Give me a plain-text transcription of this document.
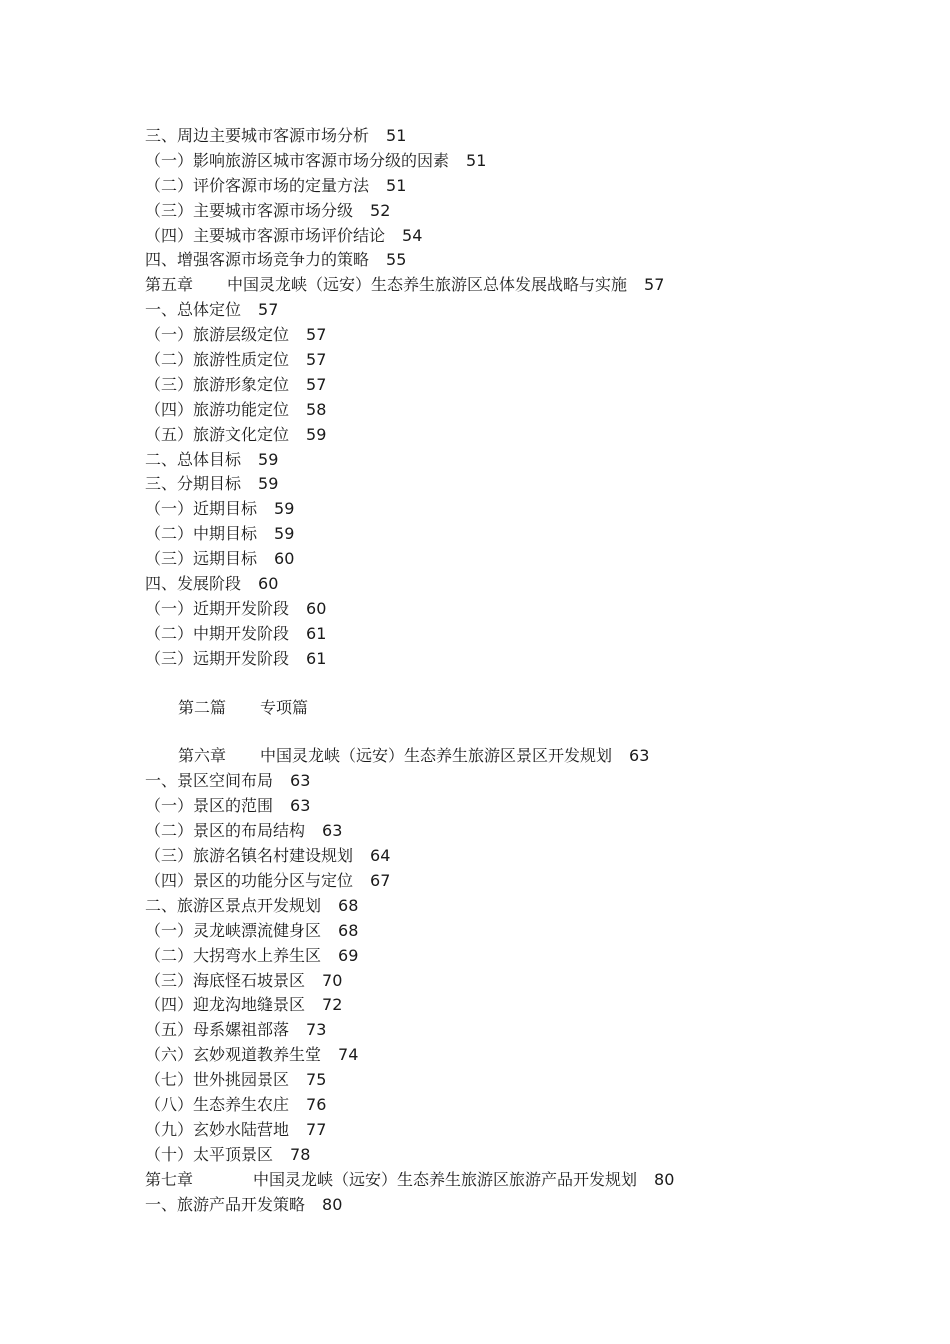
三、周边主要城市客源市场分析 51
（一）影响旅游区城市客源市场分级的因素 51
（二）评价客源市场的定量方法 51
（三）主要城市客源市场分级 52
（四）主要城市客源市场评价结论 54
四、增强客源市场竞争力的策略 55
第五章 中国灵龙峡（远安）生态养生旅游区总体发展战略与实施 57
一、总体定位 57
（一）旅游层级定位 57
（二）旅游性质定位 57
（三）旅游形象定位 57
（四）旅游功能定位 58
（五）旅游文化定位 59
二、总体目标 59
三、分期目标 59
（一）近期目标 59
（二）中期目标 59
（三）远期目标 60
四、发展阶段 60
（一）近期开发阶段 60
（二）中期开发阶段 61
（三）远期开发阶段 61
第二篇 专项篇
第六章 中国灵龙峡（远安）生态养生旅游区景区开发规划 63
一、景区空间布局 63
（一）景区的范围 63
（二）景区的布局结构 63
（三）旅游名镇名村建设规划 64
（四）景区的功能分区与定位 67
二、旅游区景点开发规划 68
（一）灵龙峡漂流健身区 68
（二）大拐弯水上养生区 69
（三）海底怪石坡景区 70
（四）迎龙沟地缝景区 72
（五）母系嫘祖部落 73
（六）玄妙观道教养生堂 74
（七）世外挑园景区 75
（八）生态养生农庄 76
（九）玄妙水陆营地 77
（十）太平顶景区 78
第七章	中国灵龙峡（远安）生态养生旅游区旅游产品开发规划 80
一、旅游产品开发策略 80
